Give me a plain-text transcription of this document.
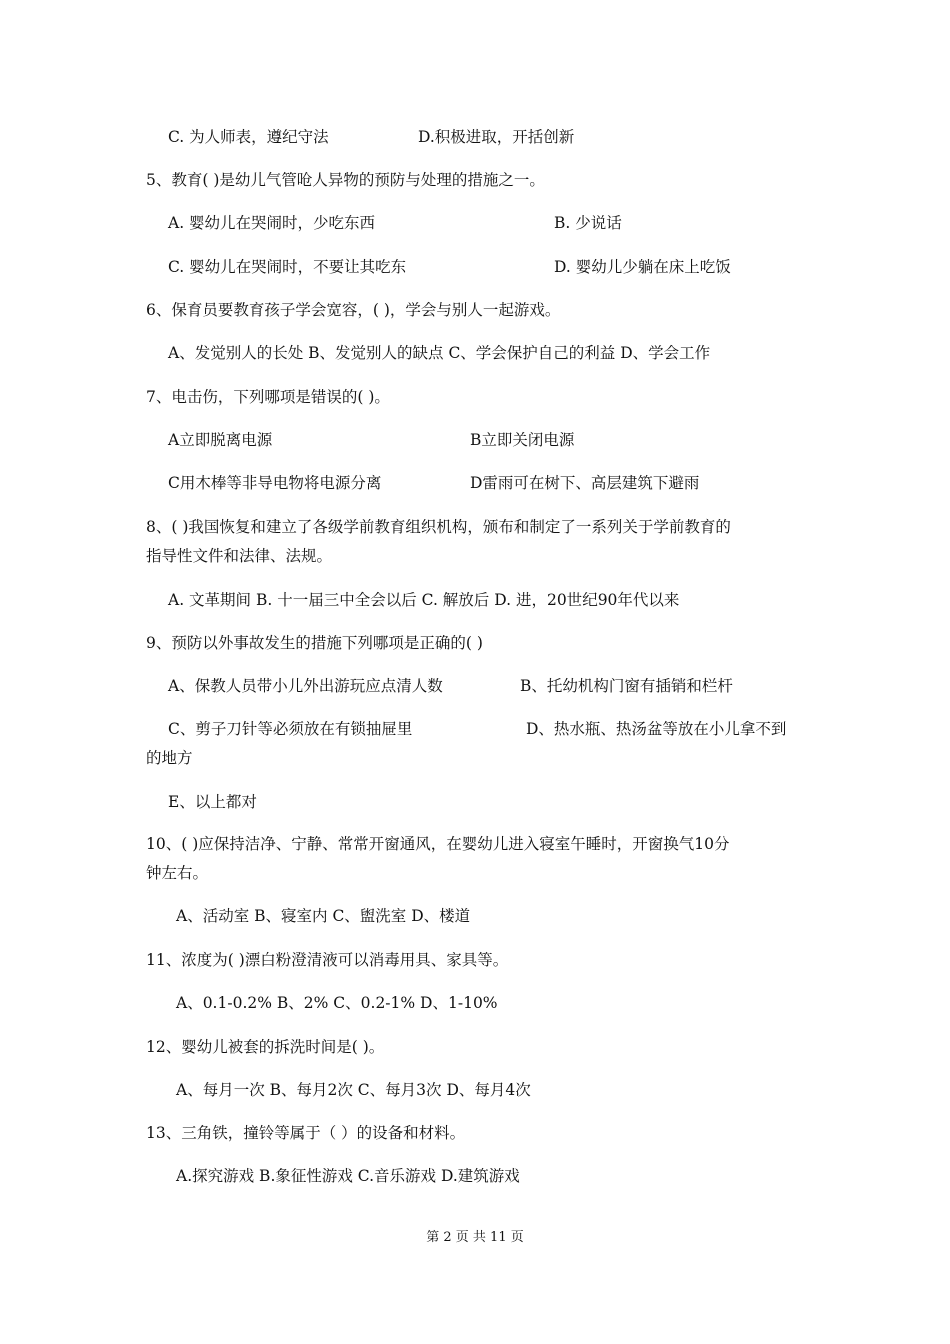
C. 为人师表，遵纪守法	D.积极进取，开括创新
5、教育( )是幼儿气管呛人异物的预防与处理的措施之一。
A. 婴幼儿在哭闹时，少吃东西	B. 少说话
C. 婴幼儿在哭闹时，不要让其吃东	D. 婴幼儿少躺在床上吃饭
6、保育员要教育孩子学会宽容，( )，学会与别人一起游戏。
A、发觉别人的长处 B、发觉别人的缺点 C、学会保护自己的利益 D、学会工作
7、电击伤，下列哪项是错误的( )。
A立即脱离电源	B立即关闭电源
C用木棒等非导电物将电源分离	D雷雨可在树下、高层建筑下避雨
8、( )我国恢复和建立了各级学前教育组织机构，颁布和制定了一系列关于学前教育的
指导性文件和法律、法规。
A. 文革期间 B. 十一届三中全会以后 C. 解放后 D. 进，20世纪90年代以来
9、预防以外事故发生的措施下列哪项是正确的( )
A、保教人员带小儿外出游玩应点清人数	B、托幼机构门窗有插销和栏杆
C、剪子刀针等必须放在有锁抽屉里	D、热水瓶、热汤盆等放在小儿拿不到
的地方
E、以上都对
10、( )应保持洁净、宁静、常常开窗通风，在婴幼儿进入寝室午睡时，开窗换气10分
钟左右。
A、活动室 B、寝室内 C、盥洗室 D、楼道
11、浓度为( )漂白粉澄清液可以消毒用具、家具等。
A、0.1-0.2% B、2% C、0.2-1% D、1-10%
12、婴幼儿被套的拆洗时间是( )。
A、每月一次 B、每月2次 C、每月3次 D、每月4次
13、三角铁，撞铃等属于（ ）的设备和材料。
A.探究游戏 B.象征性游戏 C.音乐游戏 D.建筑游戏
第 2 页 共 11 页
